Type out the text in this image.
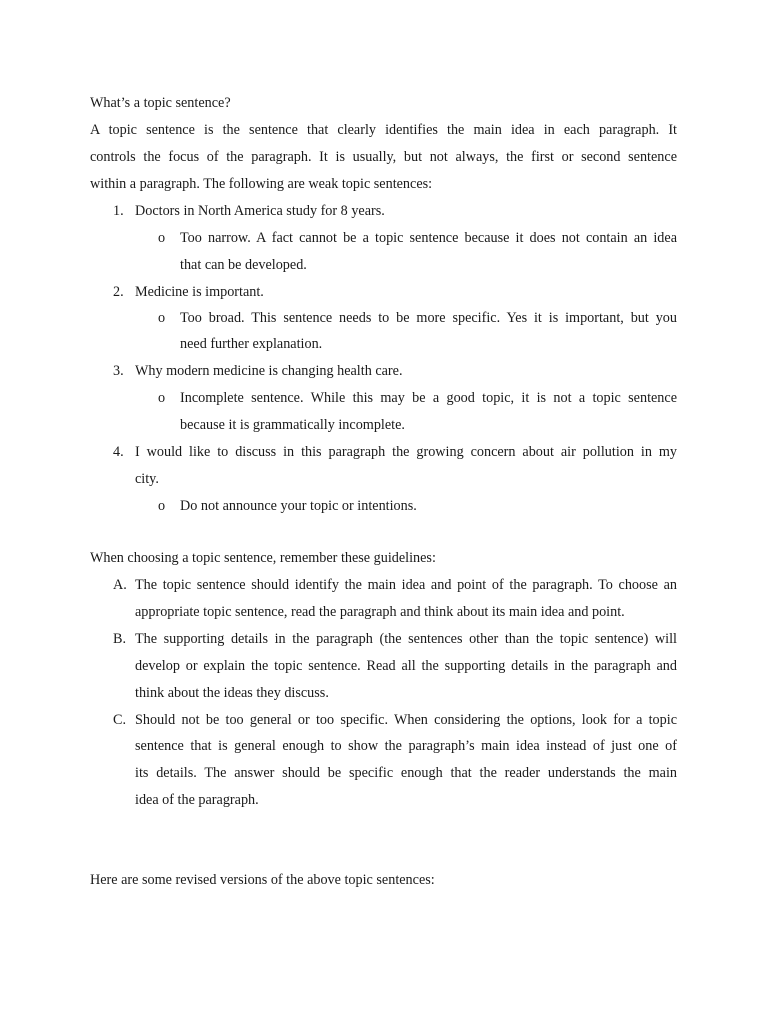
What’s a topic sentence?
A topic sentence is the sentence that clearly identifies the main idea in each paragraph. It
controls the focus of the paragraph. It is usually, but not always, the first or second sentence
within a paragraph. The following are weak topic sentences:
1. Doctors in North America study for 8 years.
o Too narrow. A fact cannot be a topic sentence because it does not contain an idea
that can be developed.
2. Medicine is important.
o Too broad. This sentence needs to be more specific. Yes it is important, but you
need further explanation.
3. Why modern medicine is changing health care.
o Incomplete sentence. While this may be a good topic, it is not a topic sentence
because it is grammatically incomplete.
4. I would like to discuss in this paragraph the growing concern about air pollution in my
city.
o Do not announce your topic or intentions.
When choosing a topic sentence, remember these guidelines:
A. The topic sentence should identify the main idea and point of the paragraph. To choose an
appropriate topic sentence, read the paragraph and think about its main idea and point.
B. The supporting details in the paragraph (the sentences other than the topic sentence) will
develop or explain the topic sentence. Read all the supporting details in the paragraph and
think about the ideas they discuss.
C. Should not be too general or too specific. When considering the options, look for a topic
sentence that is general enough to show the paragraph’s main idea instead of just one of
its details. The answer should be specific enough that the reader understands the main
idea of the paragraph.
Here are some revised versions of the above topic sentences:
